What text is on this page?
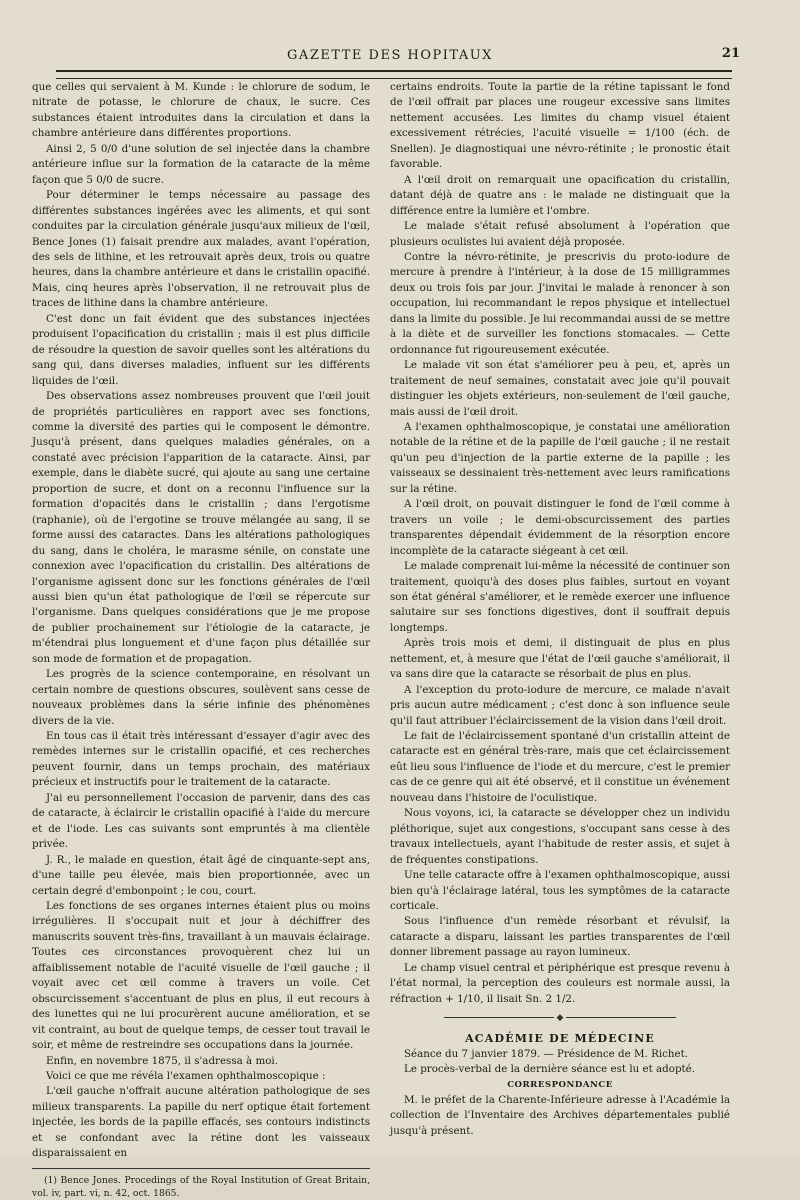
GAZETTE DES HOPITAUX	21

que celles qui servaient à M. Kunde : le chlorure de sodum, le nitrate de potasse, le chlorure de chaux, le sucre. Ces substances étaient introduites dans la circulation et dans la chambre antérieure dans différentes proportions.

Ainsi 2, 5 0/0 d'une solution de sel injectée dans la chambre antérieure influe sur la formation de la cataracte de la même façon que 5 0/0 de sucre.

Pour déterminer le temps nécessaire au passage des différentes substances ingérées avec les aliments, et qui sont conduites par la circulation générale jusqu'aux milieux de l'œil, Bence Jones (1) faisait prendre aux malades, avant l'opération, des sels de lithine, et les retrouvait après deux, trois ou quatre heures, dans la chambre antérieure et dans le cristallin opacifié. Mais, cinq heures après l'observation, il ne retrouvait plus de traces de lithine dans la chambre antérieure.

C'est donc un fait évident que des substances injectées produisent l'opacification du cristallin ; mais il est plus difficile de résoudre la question de savoir quelles sont les altérations du sang qui, dans diverses maladies, influent sur les différents liquides de l'œil.

Des observations assez nombreuses prouvent que l'œil jouit de propriétés particulières en rapport avec ses fonctions, comme la diversité des parties qui le composent le démontre. Jusqu'à présent, dans quelques maladies générales, on a constaté avec précision l'apparition de la cataracte. Ainsi, par exemple, dans le diabète sucré, qui ajoute au sang une certaine proportion de sucre, et dont on a reconnu l'influence sur la formation d'opacités dans le cristallin ; dans l'ergotisme (raphanie), où de l'ergotine se trouve mélangée au sang, il se forme aussi des cataractes. Dans les altérations pathologiques du sang, dans le choléra, le marasme sénile, on constate une connexion avec l'opacification du cristallin. Des altérations de l'organisme agissent donc sur les fonctions générales de l'œil aussi bien qu'un état pathologique de l'œil se répercute sur l'organisme. Dans quelques considérations que je me propose de publier prochainement sur l'étiologie de la cataracte, je m'étendrai plus longuement et d'une façon plus détaillée sur son mode de formation et de propagation.

Les progrès de la science contemporaine, en résolvant un certain nombre de questions obscures, soulèvent sans cesse de nouveaux problèmes dans la série infinie des phénomènes divers de la vie.

En tous cas il était très intéressant d'essayer d'agir avec des remèdes internes sur le cristallin opacifié, et ces recherches peuvent fournir, dans un temps prochain, des matériaux précieux et instructifs pour le traitement de la cataracte.

J'ai eu personnellement l'occasion de parvenir, dans des cas de cataracte, à éclaircir le cristallin opacifié à l'aide du mercure et de l'iode. Les cas suivants sont empruntés à ma clientèle privée.

J. R., le malade en question, était âgé de cinquante-sept ans, d'une taille peu élevée, mais bien proportionnée, avec un certain degré d'embonpoint ; le cou, court.

Les fonctions de ses organes internes étaient plus ou moins irrégulières. Il s'occupait nuit et jour à déchiffrer des manuscrits souvent très-fins, travaillant à un mauvais éclairage. Toutes ces circonstances provoquèrent chez lui un affaiblissement notable de l'acuité visuelle de l'œil gauche ; il voyait avec cet œil comme à travers un voile. Cet obscurcissement s'accentuant de plus en plus, il eut recours à des lunettes qui ne lui procurèrent aucune amélioration, et se vit contraint, au bout de quelque temps, de cesser tout travail le soir, et même de restreindre ses occupations dans la journée.

Enfin, en novembre 1875, il s'adressa à moi.

Voici ce que me révéla l'examen ophthalmoscopique :

L'œil gauche n'offrait aucune altération pathologique de ses milieux transparents. La papille du nerf optique était fortement injectée, les bords de la papille effacés, ses contours indistincts et se confondant avec la rétine dont les vaisseaux disparaissaient en

(1) Bence Jones. Procedings of the Royal Institution of Great Britain, vol. iv, part. vi, n. 42, oct. 1865.

certains endroits. Toute la partie de la rétine tapissant le fond de l'œil offrait par places une rougeur excessive sans limites nettement accusées. Les limites du champ visuel étaient excessivement rétrécies, l'acuité visuelle = 1/100 (éch. de Snellen). Je diagnostiquai une névro-rétinite ; le pronostic était favorable.

A l'œil droit on remarquait une opacification du cristallin, datant déjà de quatre ans : le malade ne distinguait que la différence entre la lumière et l'ombre.

Le malade s'était refusé absolument à l'opération que plusieurs oculistes lui avaient déjà proposée.

Contre la névro-rétinite, je prescrivis du proto-iodure de mercure à prendre à l'intérieur, à la dose de 15 milligrammes deux ou trois fois par jour. J'invitai le malade à renoncer à son occupation, lui recommandant le repos physique et intellectuel dans la limite du possible. Je lui recommandai aussi de se mettre à la diète et de surveiller les fonctions stomacales. — Cette ordonnance fut rigoureusement exécutée.

Le malade vit son état s'améliorer peu à peu, et, après un traitement de neuf semaines, constatait avec joie qu'il pouvait distinguer les objets extérieurs, non-seulement de l'œil gauche, mais aussi de l'œil droit.

A l'examen ophthalmoscopique, je constatai une amélioration notable de la rétine et de la papille de l'œil gauche ; il ne restait qu'un peu d'injection de la partie externe de la papille ; les vaisseaux se dessinaient très-nettement avec leurs ramifications sur la rétine.

A l'œil droit, on pouvait distinguer le fond de l'œil comme à travers un voile ; le demi-obscurcissement des parties transparentes dépendait évidemment de la résorption encore incomplète de la cataracte siégeant à cet œil.

Le malade comprenait lui-même la nécessité de continuer son traitement, quoiqu'à des doses plus faibles, surtout en voyant son état général s'améliorer, et le remède exercer une influence salutaire sur ses fonctions digestives, dont il souffrait depuis longtemps.

Après trois mois et demi, il distinguait de plus en plus nettement, et, à mesure que l'état de l'œil gauche s'améliorait, il va sans dire que la cataracte se résorbait de plus en plus.

A l'exception du proto-iodure de mercure, ce malade n'avait pris aucun autre médicament ; c'est donc à son influence seule qu'il faut attribuer l'éclaircissement de la vision dans l'œil droit.

Le fait de l'éclaircissement spontané d'un cristallin atteint de cataracte est en général très-rare, mais que cet éclaircissement eût lieu sous l'influence de l'iode et du mercure, c'est le premier cas de ce genre qui ait été observé, et il constitue un événement nouveau dans l'histoire de l'oculistique.

Nous voyons, ici, la cataracte se développer chez un individu pléthorique, sujet aux congestions, s'occupant sans cesse à des travaux intellectuels, ayant l'habitude de rester assis, et sujet à de fréquentes constipations.

Une telle cataracte offre à l'examen ophthalmoscopique, aussi bien qu'à l'éclairage latéral, tous les symptômes de la cataracte corticale.

Sous l'influence d'un remède résorbant et révulsif, la cataracte a disparu, laissant les parties transparentes de l'œil donner librement passage au rayon lumineux.

Le champ visuel central et périphérique est presque revenu à l'état normal, la perception des couleurs est normale aussi, la réfraction + 1/10, il lisait Sn. 2 1/2.

◆

ACADÉMIE DE MÉDECINE

Séance du 7 janvier 1879. — Présidence de M. Richet.

Le procès-verbal de la dernière séance est lu et adopté.

CORRESPONDANCE

M. le préfet de la Charente-Inférieure adresse à l'Académie la collection de l'Inventaire des Archives départementales publié jusqu'à présent.
